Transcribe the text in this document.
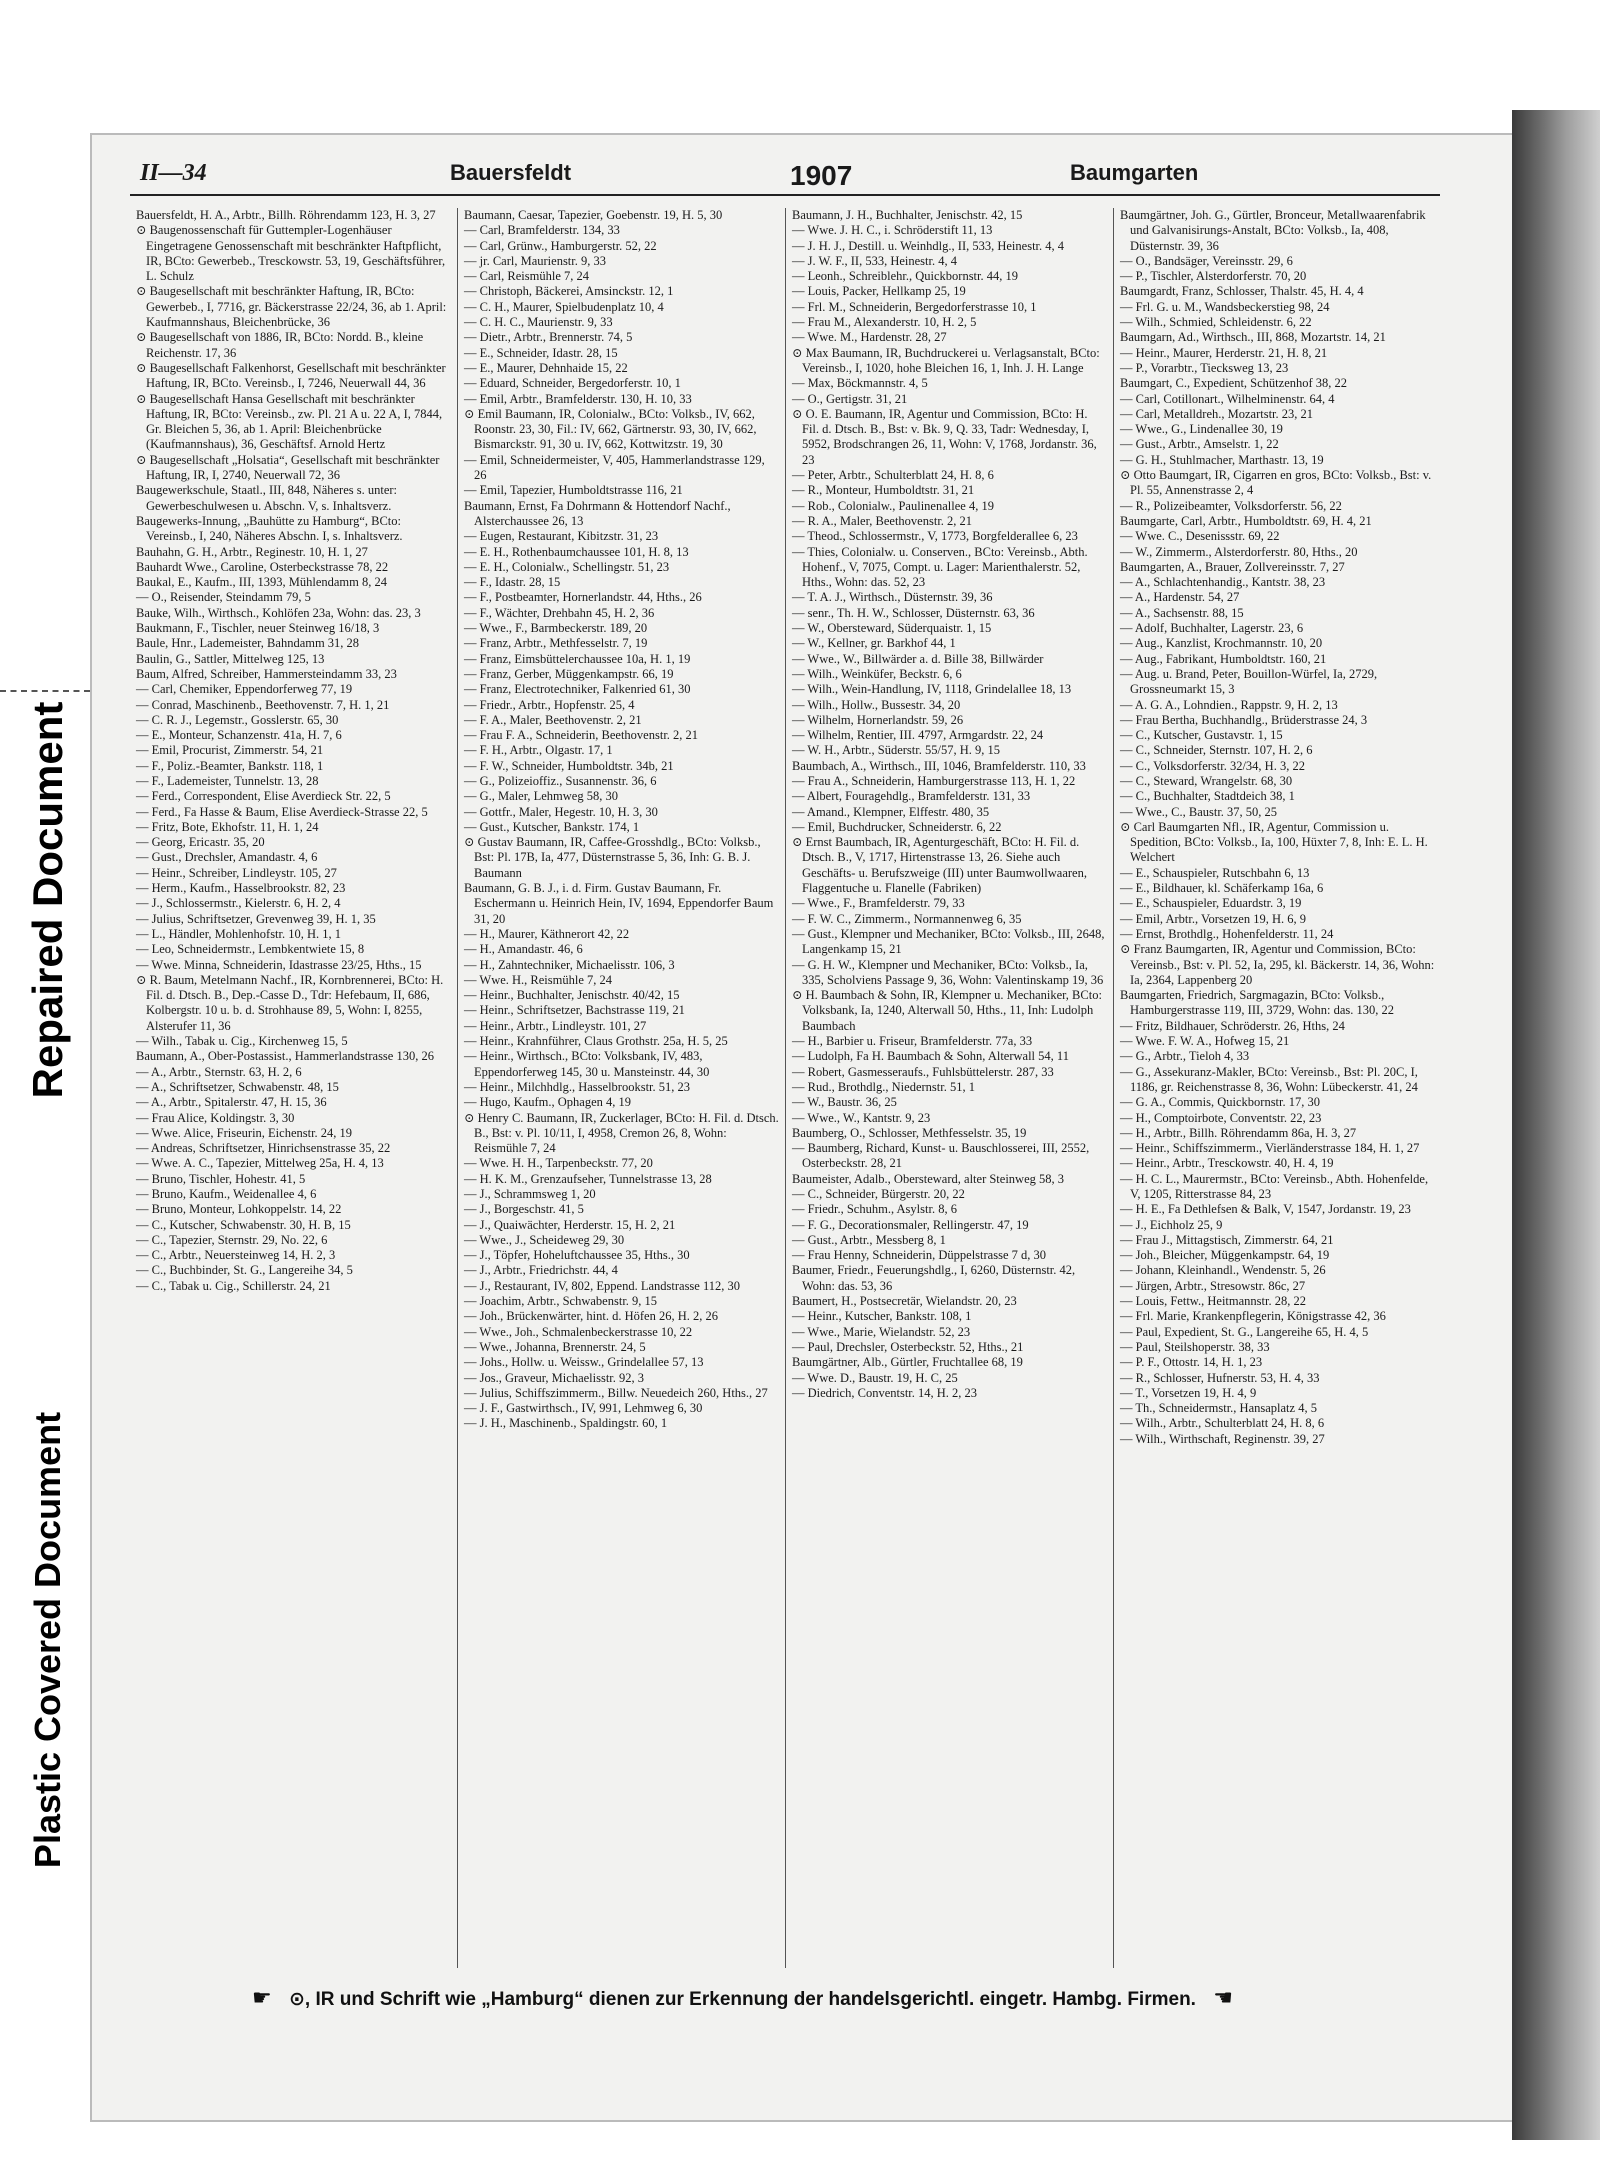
Repaired Document
Plastic Covered Document
II—34	Bauersfeldt	1907	Baumgarten

Bauersfeldt, H. A., Arbtr., Billh. Röhrendamm 123, H. 3, 27

⊙ Baugenossenschaft für Guttempler-Logenhäuser Eingetragene Genossenschaft mit beschränkter Haftpflicht, IR, BCto: Gewerbeb., Tresckowstr. 53, 19, Geschäftsführer, L. Schulz

⊙ Baugesellschaft mit beschränkter Haftung, IR, BCto: Gewerbeb., I, 7716, gr. Bäckerstrasse 22/24, 36, ab 1. April: Kaufmannshaus, Bleichenbrücke, 36

⊙ Baugesellschaft von 1886, IR, BCto: Nordd. B., kleine Reichenstr. 17, 36

⊙ Baugesellschaft Falkenhorst, Gesellschaft mit beschränkter Haftung, IR, BCto. Vereinsb., I, 7246, Neuerwall 44, 36

⊙ Baugesellschaft Hansa Gesellschaft mit beschränkter Haftung, IR, BCto: Vereinsb., zw. Pl. 21 A u. 22 A, I, 7844, Gr. Bleichen 5, 36, ab 1. April: Bleichenbrücke (Kaufmannshaus), 36, Geschäftsf. Arnold Hertz

⊙ Baugesellschaft „Holsatia“, Gesellschaft mit beschränkter Haftung, IR, I, 2740, Neuerwall 72, 36

Baugewerkschule, Staatl., III, 848, Näheres s. unter: Gewerbeschulwesen u. Abschn. V, s. Inhaltsverz.

Baugewerks-Innung, „Bauhütte zu Hamburg“, BCto: Vereinsb., I, 240, Näheres Abschn. I, s. Inhaltsverz.

Bauhahn, G. H., Arbtr., Reginestr. 10, H. 1, 27

Bauhardt Wwe., Caroline, Osterbeckstrasse 78, 22

Baukal, E., Kaufm., III, 1393, Mühlendamm 8, 24

— O., Reisender, Steindamm 79, 5

Bauke, Wilh., Wirthsch., Kohlöfen 23a, Wohn: das. 23, 3

Baukmann, F., Tischler, neuer Steinweg 16/18, 3

Baule, Hnr., Lademeister, Bahndamm 31, 28

Baulin, G., Sattler, Mittelweg 125, 13

Baum, Alfred, Schreiber, Hammersteindamm 33, 23

— Carl, Chemiker, Eppendorferweg 77, 19

— Conrad, Maschinenb., Beethovenstr. 7, H. 1, 21

— C. R. J., Legemstr., Gosslerstr. 65, 30

— E., Monteur, Schanzenstr. 41a, H. 7, 6

— Emil, Procurist, Zimmerstr. 54, 21

— F., Poliz.-Beamter, Bankstr. 118, 1

— F., Lademeister, Tunnelstr. 13, 28

— Ferd., Correspondent, Elise Averdieck Str. 22, 5

— Ferd., Fa Hasse & Baum, Elise Averdieck-Strasse 22, 5

— Fritz, Bote, Ekhofstr. 11, H. 1, 24

— Georg, Ericastr. 35, 20

— Gust., Drechsler, Amandastr. 4, 6

— Heinr., Schreiber, Lindleystr. 105, 27

— Herm., Kaufm., Hasselbrookstr. 82, 23

— J., Schlossermstr., Kielerstr. 6, H. 2, 4

— Julius, Schriftsetzer, Grevenweg 39, H. 1, 35

— L., Händler, Mohlenhofstr. 10, H. 1, 1

— Leo, Schneidermstr., Lembkentwiete 15, 8

— Wwe. Minna, Schneiderin, Idastrasse 23/25, Hths., 15

⊙ R. Baum, Metelmann Nachf., IR, Kornbrennerei, BCto: H. Fil. d. Dtsch. B., Dep.-Casse D., Tdr: Hefebaum, II, 686, Kolbergstr. 10 u. b. d. Strohhause 89, 5, Wohn: I, 8255, Alsterufer 11, 36

— Wilh., Tabak u. Cig., Kirchenweg 15, 5

Baumann, A., Ober-Postassist., Hammerlandstrasse 130, 26

— A., Arbtr., Sternstr. 63, H. 2, 6

— A., Schriftsetzer, Schwabenstr. 48, 15

— A., Arbtr., Spitalerstr. 47, H. 15, 36

— Frau Alice, Koldingstr. 3, 30

— Wwe. Alice, Friseurin, Eichenstr. 24, 19

— Andreas, Schriftsetzer, Hinrichsenstrasse 35, 22

— Wwe. A. C., Tapezier, Mittelweg 25a, H. 4, 13

— Bruno, Tischler, Hohestr. 41, 5

— Bruno, Kaufm., Weidenallee 4, 6

— Bruno, Monteur, Lohkoppelstr. 14, 22

— C., Kutscher, Schwabenstr. 30, H. B, 15

— C., Tapezier, Sternstr. 29, No. 22, 6

— C., Arbtr., Neuersteinweg 14, H. 2, 3

— C., Buchbinder, St. G., Langereihe 34, 5

— C., Tabak u. Cig., Schillerstr. 24, 21

Baumann, Caesar, Tapezier, Goebenstr. 19, H. 5, 30

— Carl, Bramfelderstr. 134, 33

— Carl, Grünw., Hamburgerstr. 52, 22

— jr. Carl, Maurienstr. 9, 33

— Carl, Reismühle 7, 24

— Christoph, Bäckerei, Amsinckstr. 12, 1

— C. H., Maurer, Spielbudenplatz 10, 4

— C. H. C., Maurienstr. 9, 33

— Dietr., Arbtr., Brennerstr. 74, 5

— E., Schneider, Idastr. 28, 15

— E., Maurer, Dehnhaide 15, 22

— Eduard, Schneider, Bergedorferstr. 10, 1

— Emil, Arbtr., Bramfelderstr. 130, H. 10, 33

⊙ Emil Baumann, IR, Colonialw., BCto: Volksb., IV, 662, Roonstr. 23, 30, Fil.: IV, 662, Gärtnerstr. 93, 30, IV, 662, Bismarckstr. 91, 30 u. IV, 662, Kottwitzstr. 19, 30

— Emil, Schneidermeister, V, 405, Hammerlandstrasse 129, 26

— Emil, Tapezier, Humboldtstrasse 116, 21

Baumann, Ernst, Fa Dohrmann & Hottendorf Nachf., Alsterchaussee 26, 13

— Eugen, Restaurant, Kibitzstr. 31, 23

— E. H., Rothenbaumchaussee 101, H. 8, 13

— E. H., Colonialw., Schellingstr. 51, 23

— F., Idastr. 28, 15

— F., Postbeamter, Hornerlandstr. 44, Hths., 26

— F., Wächter, Drehbahn 45, H. 2, 36

— Wwe., F., Barmbeckerstr. 189, 20

— Franz, Arbtr., Methfesselstr. 7, 19

— Franz, Eimsbüttelerchaussee 10a, H. 1, 19

— Franz, Gerber, Müggenkampstr. 66, 19

— Franz, Electrotechniker, Falkenried 61, 30

— Friedr., Arbtr., Hopfenstr. 25, 4

— F. A., Maler, Beethovenstr. 2, 21

— Frau F. A., Schneiderin, Beethovenstr. 2, 21

— F. H., Arbtr., Olgastr. 17, 1

— F. W., Schneider, Humboldtstr. 34b, 21

— G., Polizeioffiz., Susannenstr. 36, 6

— G., Maler, Lehmweg 58, 30

— Gottfr., Maler, Hegestr. 10, H. 3, 30

— Gust., Kutscher, Bankstr. 174, 1

⊙ Gustav Baumann, IR, Caffee-Grosshdlg., BCto: Volksb., Bst: Pl. 17B, Ia, 477, Düsternstrasse 5, 36, Inh: G. B. J. Baumann

Baumann, G. B. J., i. d. Firm. Gustav Baumann, Fr. Eschermann u. Heinrich Hein, IV, 1694, Eppendorfer Baum 31, 20

— H., Maurer, Käthnerort 42, 22

— H., Amandastr. 46, 6

— H., Zahntechniker, Michaelisstr. 106, 3

— Wwe. H., Reismühle 7, 24

— Heinr., Buchhalter, Jenischstr. 40/42, 15

— Heinr., Schriftsetzer, Bachstrasse 119, 21

— Heinr., Arbtr., Lindleystr. 101, 27

— Heinr., Krahnführer, Claus Grothstr. 25a, H. 5, 25

— Heinr., Wirthsch., BCto: Volksbank, IV, 483, Eppendorferweg 145, 30 u. Mansteinstr. 44, 30

— Heinr., Milchhdlg., Hasselbrookstr. 51, 23

— Hugo, Kaufm., Ophagen 4, 19

⊙ Henry C. Baumann, IR, Zuckerlager, BCto: H. Fil. d. Dtsch. B., Bst: v. Pl. 10/11, I, 4958, Cremon 26, 8, Wohn: Reismühle 7, 24

— Wwe. H. H., Tarpenbeckstr. 77, 20

— H. K. M., Grenzaufseher, Tunnelstrasse 13, 28

— J., Schrammsweg 1, 20

— J., Borgeschstr. 41, 5

— J., Quaiwächter, Herderstr. 15, H. 2, 21

— Wwe., J., Scheideweg 29, 30

— J., Töpfer, Hoheluftchaussee 35, Hths., 30

— J., Arbtr., Friedrichstr. 44, 4

— J., Restaurant, IV, 802, Eppend. Landstrasse 112, 30

— Joachim, Arbtr., Schwabenstr. 9, 15

— Joh., Brückenwärter, hint. d. Höfen 26, H. 2, 26

— Wwe., Joh., Schmalenbeckerstrasse 10, 22

— Wwe., Johanna, Brennerstr. 24, 5

— Johs., Hollw. u. Weissw., Grindelallee 57, 13

— Jos., Graveur, Michaelisstr. 92, 3

— Julius, Schiffszimmerm., Billw. Neuedeich 260, Hths., 27

— J. F., Gastwirthsch., IV, 991, Lehmweg 6, 30

— J. H., Maschinenb., Spaldingstr. 60, 1

Baumann, J. H., Buchhalter, Jenischstr. 42, 15

— Wwe. J. H. C., i. Schröderstift 11, 13

— J. H. J., Destill. u. Weinhdlg., II, 533, Heinestr. 4, 4

— J. W. F., II, 533, Heinestr. 4, 4

— Leonh., Schreiblehr., Quickbornstr. 44, 19

— Louis, Packer, Hellkamp 25, 19

— Frl. M., Schneiderin, Bergedorferstrasse 10, 1

— Frau M., Alexanderstr. 10, H. 2, 5

— Wwe. M., Hardenstr. 28, 27

⊙ Max Baumann, IR, Buchdruckerei u. Verlagsanstalt, BCto: Vereinsb., I, 1020, hohe Bleichen 16, 1, Inh. J. H. Lange

— Max, Böckmannstr. 4, 5

— O., Gertigstr. 31, 21

⊙ O. E. Baumann, IR, Agentur und Commission, BCto: H. Fil. d. Dtsch. B., Bst: v. Bk. 9, Q. 33, Tadr: Wednesday, I, 5952, Brodschrangen 26, 11, Wohn: V, 1768, Jordanstr. 36, 23

— Peter, Arbtr., Schulterblatt 24, H. 8, 6

— R., Monteur, Humboldtstr. 31, 21

— Rob., Colonialw., Paulinenallee 4, 19

— R. A., Maler, Beethovenstr. 2, 21

— Theod., Schlossermstr., V, 1773, Borgfelderallee 6, 23

— Thies, Colonialw. u. Conserven., BCto: Vereinsb., Abth. Hohenf., V, 7075, Compt. u. Lager: Marienthalerstr. 52, Hths., Wohn: das. 52, 23

— T. A. J., Wirthsch., Düsternstr. 39, 36

— senr., Th. H. W., Schlosser, Düsternstr. 63, 36

— W., Obersteward, Süderquaistr. 1, 15

— W., Kellner, gr. Barkhof 44, 1

— Wwe., W., Billwärder a. d. Bille 38, Billwärder

— Wilh., Weinküfer, Beckstr. 6, 6

— Wilh., Wein-Handlung, IV, 1118, Grindelallee 18, 13

— Wilh., Hollw., Bussestr. 34, 20

— Wilhelm, Hornerlandstr. 59, 26

— Wilhelm, Rentier, III. 4797, Armgardstr. 22, 24

— W. H., Arbtr., Süderstr. 55/57, H. 9, 15

Baumbach, A., Wirthsch., III, 1046, Bramfelderstr. 110, 33

— Frau A., Schneiderin, Hamburgerstrasse 113, H. 1, 22

— Albert, Fouragehdlg., Bramfelderstr. 131, 33

— Amand., Klempner, Elffestr. 480, 35

— Emil, Buchdrucker, Schneiderstr. 6, 22

⊙ Ernst Baumbach, IR, Agenturgeschäft, BCto: H. Fil. d. Dtsch. B., V, 1717, Hirtenstrasse 13, 26. Siehe auch Geschäfts- u. Berufszweige (III) unter Baumwollwaaren, Flaggentuche u. Flanelle (Fabriken)

— Wwe., F., Bramfelderstr. 79, 33

— F. W. C., Zimmerm., Normannenweg 6, 35

— Gust., Klempner und Mechaniker, BCto: Volksb., III, 2648, Langenkamp 15, 21

— G. H. W., Klempner und Mechaniker, BCto: Volksb., Ia, 335, Scholviens Passage 9, 36, Wohn: Valentinskamp 19, 36

⊙ H. Baumbach & Sohn, IR, Klempner u. Mechaniker, BCto: Volksbank, Ia, 1240, Alterwall 50, Hths., 11, Inh: Ludolph Baumbach

— H., Barbier u. Friseur, Bramfelderstr. 77a, 33

— Ludolph, Fa H. Baumbach & Sohn, Alterwall 54, 11

— Robert, Gasmesseraufs., Fuhlsbüttelerstr. 287, 33

— Rud., Brothdlg., Niedernstr. 51, 1

— W., Baustr. 36, 25

— Wwe., W., Kantstr. 9, 23

Baumberg, O., Schlosser, Methfesselstr. 35, 19

— Baumberg, Richard, Kunst- u. Bauschlosserei, III, 2552, Osterbeckstr. 28, 21

Baumeister, Adalb., Obersteward, alter Steinweg 58, 3

— C., Schneider, Bürgerstr. 20, 22

— Friedr., Schuhm., Asylstr. 8, 6

— F. G., Decorationsmaler, Rellingerstr. 47, 19

— Gust., Arbtr., Messberg 8, 1

— Frau Henny, Schneiderin, Düppelstrasse 7 d, 30

Baumer, Friedr., Feuerungshdlg., I, 6260, Düsternstr. 42, Wohn: das. 53, 36

Baumert, H., Postsecretär, Wielandstr. 20, 23

— Heinr., Kutscher, Bankstr. 108, 1

— Wwe., Marie, Wielandstr. 52, 23

— Paul, Drechsler, Osterbeckstr. 52, Hths., 21

Baumgärtner, Alb., Gürtler, Fruchtallee 68, 19

— Wwe. D., Baustr. 19, H. C, 25

— Diedrich, Conventstr. 14, H. 2, 23

Baumgärtner, Joh. G., Gürtler, Bronceur, Metallwaarenfabrik und Galvanisirungs-Anstalt, BCto: Volksb., Ia, 408, Düsternstr. 39, 36

— O., Bandsäger, Vereinsstr. 29, 6

— P., Tischler, Alsterdorferstr. 70, 20

Baumgardt, Franz, Schlosser, Thalstr. 45, H. 4, 4

— Frl. G. u. M., Wandsbeckerstieg 98, 24

— Wilh., Schmied, Schleidenstr. 6, 22

Baumgarn, Ad., Wirthsch., III, 868, Mozartstr. 14, 21

— Heinr., Maurer, Herderstr. 21, H. 8, 21

— P., Vorarbtr., Tiecksweg 13, 23

Baumgart, C., Expedient, Schützenhof 38, 22

— Carl, Cotillonart., Wilhelminenstr. 64, 4

— Carl, Metalldreh., Mozartstr. 23, 21

— Wwe., G., Lindenallee 30, 19

— Gust., Arbtr., Amselstr. 1, 22

— G. H., Stuhlmacher, Marthastr. 13, 19

⊙ Otto Baumgart, IR, Cigarren en gros, BCto: Volksb., Bst: v. Pl. 55, Annenstrasse 2, 4

— R., Polizeibeamter, Volksdorferstr. 56, 22

Baumgarte, Carl, Arbtr., Humboldtstr. 69, H. 4, 21

— Wwe. C., Desenissstr. 69, 22

— W., Zimmerm., Alsterdorferstr. 80, Hths., 20

Baumgarten, A., Brauer, Zollvereinsstr. 7, 27

— A., Schlachtenhandig., Kantstr. 38, 23

— A., Hardenstr. 54, 27

— A., Sachsenstr. 88, 15

— Adolf, Buchhalter, Lagerstr. 23, 6

— Aug., Kanzlist, Krochmannstr. 10, 20

— Aug., Fabrikant, Humboldtstr. 160, 21

— Aug. u. Brand, Peter, Bouillon-Würfel, Ia, 2729, Grossneumarkt 15, 3

— A. G. A., Lohndien., Rappstr. 9, H. 2, 13

— Frau Bertha, Buchhandlg., Brüderstrasse 24, 3

— C., Kutscher, Gustavstr. 1, 15

— C., Schneider, Sternstr. 107, H. 2, 6

— C., Volksdorferstr. 32/34, H. 3, 22

— C., Steward, Wrangelstr. 68, 30

— C., Buchhalter, Stadtdeich 38, 1

— Wwe., C., Baustr. 37, 50, 25

⊙ Carl Baumgarten Nfl., IR, Agentur, Commission u. Spedition, BCto: Volksb., Ia, 100, Hüxter 7, 8, Inh: E. L. H. Welchert

— E., Schauspieler, Rutschbahn 6, 13

— E., Bildhauer, kl. Schäferkamp 16a, 6

— E., Schauspieler, Eduardstr. 3, 19

— Emil, Arbtr., Vorsetzen 19, H. 6, 9

— Ernst, Brothdlg., Hohenfelderstr. 11, 24

⊙ Franz Baumgarten, IR, Agentur und Commission, BCto: Vereinsb., Bst: v. Pl. 52, Ia, 295, kl. Bäckerstr. 14, 36, Wohn: Ia, 2364, Lappenberg 20

Baumgarten, Friedrich, Sargmagazin, BCto: Volksb., Hamburgerstrasse 119, III, 3729, Wohn: das. 130, 22

— Fritz, Bildhauer, Schröderstr. 26, Hths, 24

— Wwe. F. W. A., Hofweg 15, 21

— G., Arbtr., Tieloh 4, 33

— G., Assekuranz-Makler, BCto: Vereinsb., Bst: Pl. 20C, I, 1186, gr. Reichenstrasse 8, 36, Wohn: Lübeckerstr. 41, 24

— G. A., Commis, Quickbornstr. 17, 30

— H., Comptoirbote, Conventstr. 22, 23

— H., Arbtr., Billh. Röhrendamm 86a, H. 3, 27

— Heinr., Schiffszimmerm., Vierländerstrasse 184, H. 1, 27

— Heinr., Arbtr., Tresckowstr. 40, H. 4, 19

— H. C. L., Maurermstr., BCto: Vereinsb., Abth. Hohenfelde, V, 1205, Ritterstrasse 84, 23

— H. E., Fa Dethlefsen & Balk, V, 1547, Jordanstr. 19, 23

— J., Eichholz 25, 9

— Frau J., Mittagstisch, Zimmerstr. 64, 21

— Joh., Bleicher, Müggenkampstr. 64, 19

— Johann, Kleinhandl., Wendenstr. 5, 26

— Jürgen, Arbtr., Stresowstr. 86c, 27

— Louis, Fettw., Heitmannstr. 28, 22

— Frl. Marie, Krankenpflegerin, Königstrasse 42, 36

— Paul, Expedient, St. G., Langereihe 65, H. 4, 5

— Paul, Steilshoperstr. 38, 33

— P. F., Ottostr. 14, H. 1, 23

— R., Schlosser, Hufnerstr. 53, H. 4, 33

— T., Vorsetzen 19, H. 4, 9

— Th., Schneidermstr., Hansaplatz 4, 5

— Wilh., Arbtr., Schulterblatt 24, H. 8, 6

— Wilh., Wirthschaft, Reginenstr. 39, 27

☛ ⊙, IR und Schrift wie „Hamburg“ dienen zur Erkennung der handelsgerichtl. eingetr. Hambg. Firmen. ☚
